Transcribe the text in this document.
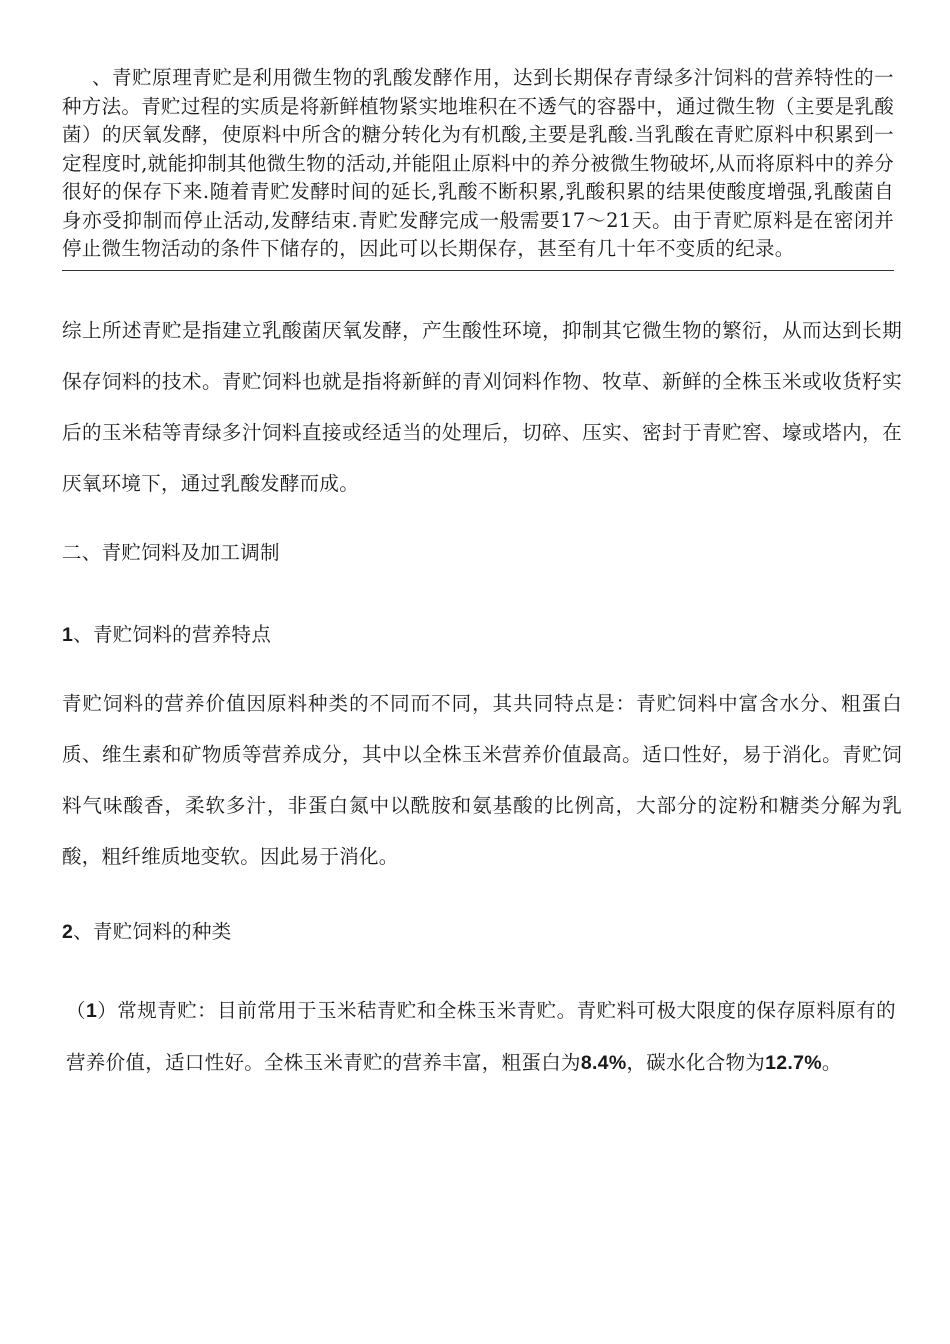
、青贮原理青贮是利用微生物的乳酸发酵作用，达到长期保存青绿多汁饲料的营养特性的一种方法。青贮过程的实质是将新鲜植物紧实地堆积在不透气的容器中，通过微生物（主要是乳酸菌）的厌氧发酵，使原料中所含的糖分转化为有机酸,主要是乳酸.当乳酸在青贮原料中积累到一定程度时,就能抑制其他微生物的活动,并能阻止原料中的养分被微生物破坏,从而将原料中的养分很好的保存下来.随着青贮发酵时间的延长,乳酸不断积累,乳酸积累的结果使酸度增强,乳酸菌自身亦受抑制而停止活动,发酵结束.青贮发酵完成一般需要17〜21天。由于青贮原料是在密闭并停止微生物活动的条件下储存的，因此可以长期保存，甚至有几十年不变质的纪录。
综上所述青贮是指建立乳酸菌厌氧发酵，产生酸性环境，抑制其它微生物的繁衍，从而达到长期保存饲料的技术。青贮饲料也就是指将新鲜的青刈饲料作物、牧草、新鲜的全株玉米或收货籽实后的玉米秸等青绿多汁饲料直接或经适当的处理后，切碎、压实、密封于青贮窖、壕或塔内，在厌氧环境下，通过乳酸发酵而成。
二、青贮饲料及加工调制
1、青贮饲料的营养特点
青贮饲料的营养价值因原料种类的不同而不同，其共同特点是：青贮饲料中富含水分、粗蛋白质、维生素和矿物质等营养成分，其中以全株玉米营养价值最高。适口性好，易于消化。青贮饲料气味酸香，柔软多汁，非蛋白氮中以酰胺和氨基酸的比例高，大部分的淀粉和糖类分解为乳酸，粗纤维质地变软。因此易于消化。
2、青贮饲料的种类
（1）常规青贮：目前常用于玉米秸青贮和全株玉米青贮。青贮料可极大限度的保存原料原有的营养价值，适口性好。全株玉米青贮的营养丰富，粗蛋白为8.4%，碳水化合物为12.7%。
